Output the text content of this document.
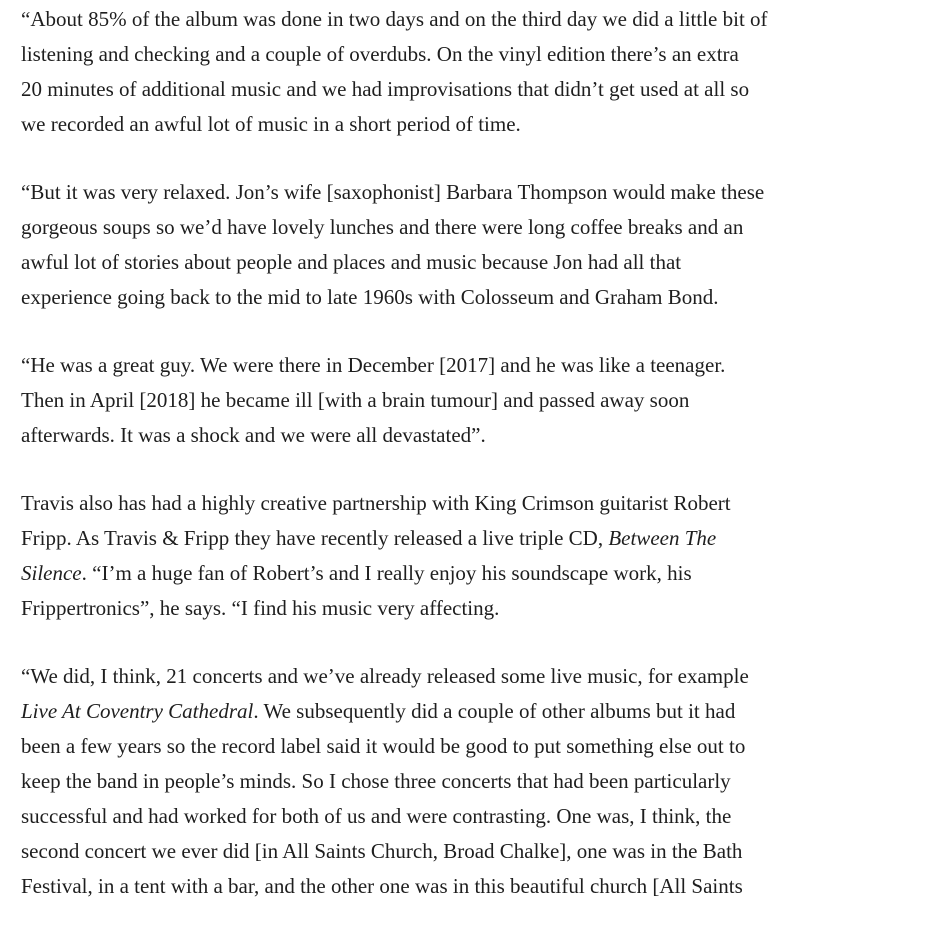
“About 85% of the album was done in two days and on the third day we did a little bit of
listening and checking and a couple of overdubs. On the vinyl edition there’s an extra
20 minutes of additional music and we had improvisations that didn’t get used at all so
we recorded an awful lot of music in a short period of time.

“But it was very relaxed. Jon’s wife [saxophonist] Barbara Thompson would make these
gorgeous soups so we’d have lovely lunches and there were long coffee breaks and an
awful lot of stories about people and places and music because Jon had all that
experience going back to the mid to late 1960s with Colosseum and Graham Bond.

“He was a great guy. We were there in December [2017] and he was like a teenager.
Then in April [2018] he became ill [with a brain tumour] and passed away soon
afterwards. It was a shock and we were all devastated”.

Travis also has had a highly creative partnership with King Crimson guitarist Robert
Fripp. As Travis & Fripp they have recently released a live triple CD, Between The
Silence. “I’m a huge fan of Robert’s and I really enjoy his soundscape work, his
Frippertronics”, he says. “I find his music very affecting.

“We did, I think, 21 concerts and we’ve already released some live music, for example
Live At Coventry Cathedral. We subsequently did a couple of other albums but it had
been a few years so the record label said it would be good to put something else out to
keep the band in people’s minds. So I chose three concerts that had been particularly
successful and had worked for both of us and were contrasting. One was, I think, the
second concert we ever did [in All Saints Church, Broad Chalke], one was in the Bath
Festival, in a tent with a bar, and the other one was in this beautiful church [All Saints
